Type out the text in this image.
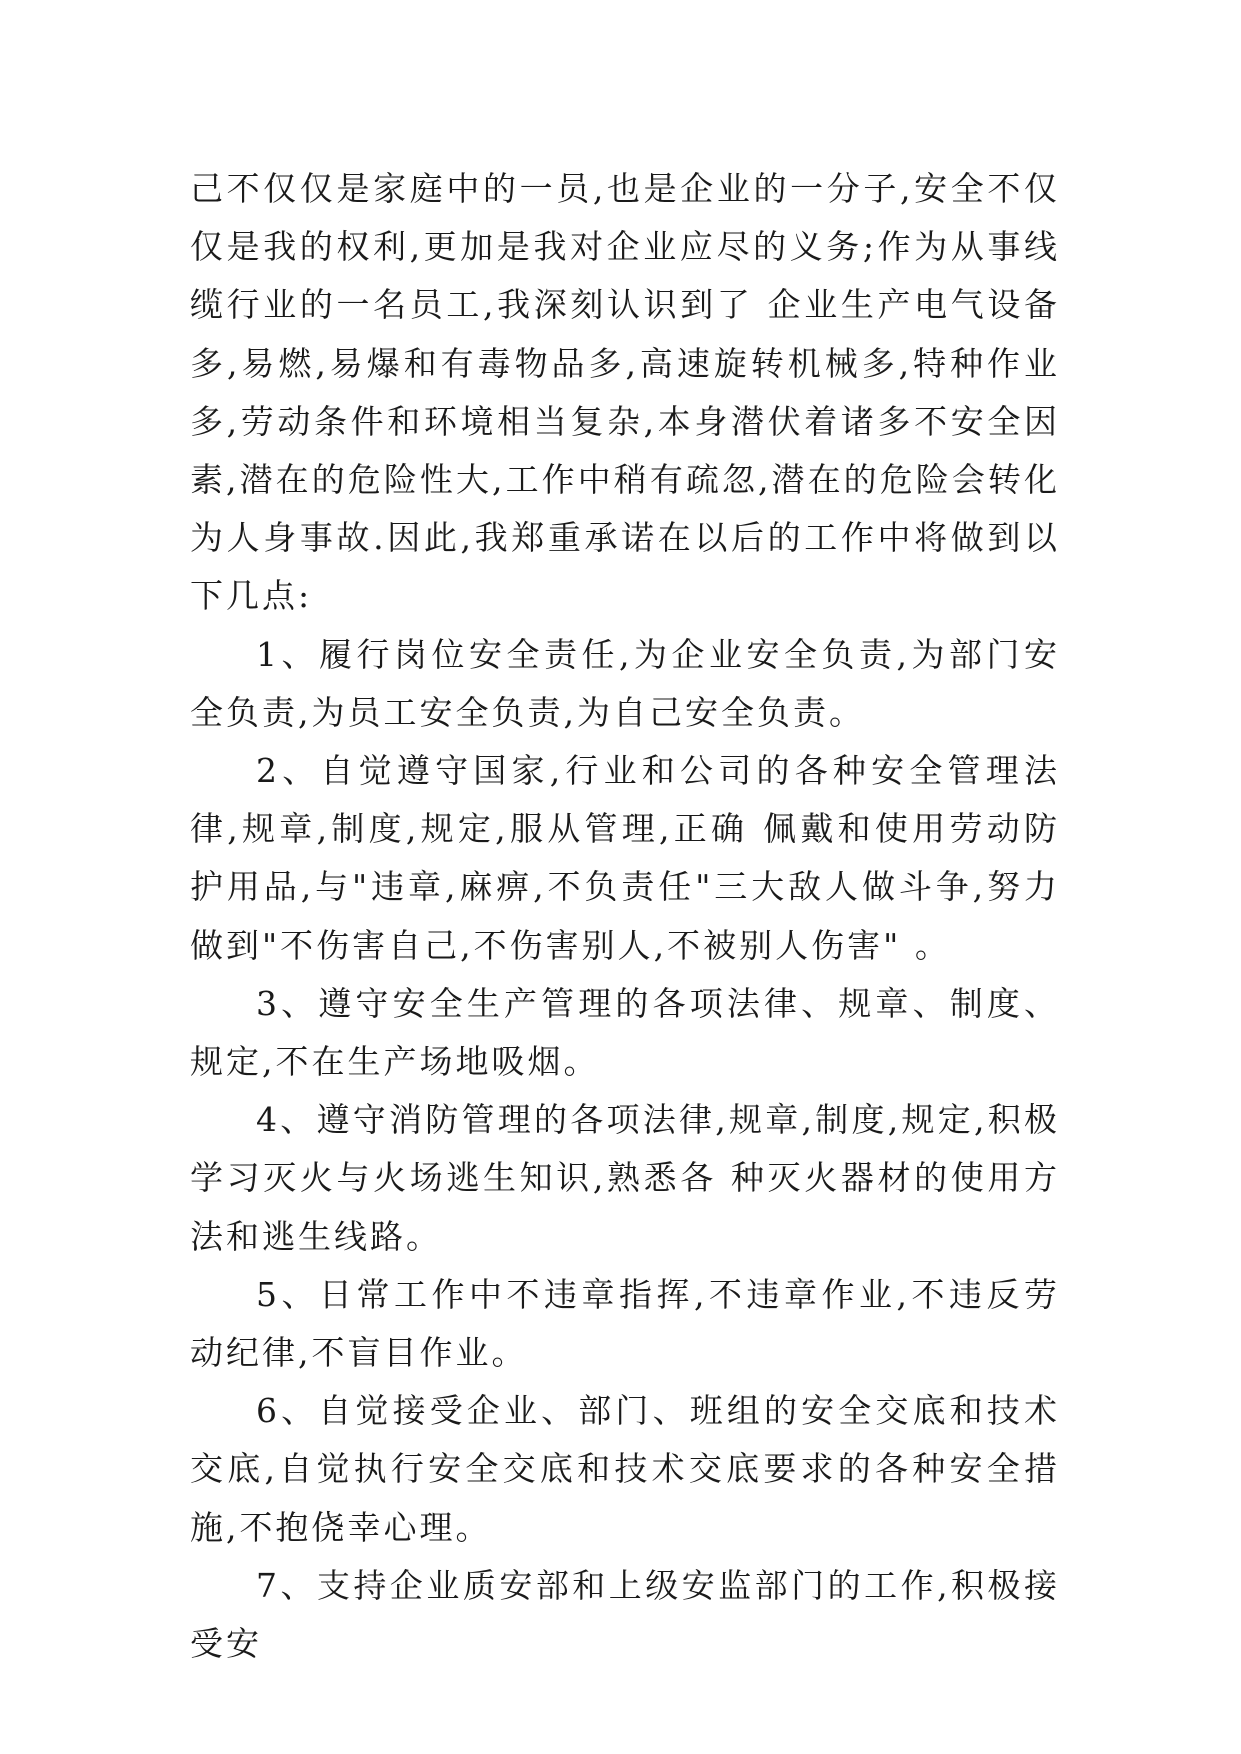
己不仅仅是家庭中的一员,也是企业的一分子,安全不仅仅是我的权利,更加是我对企业应尽的义务;作为从事线缆行业的一名员工,我深刻认识到了 企业生产电气设备多,易燃,易爆和有毒物品多,高速旋转机械多,特种作业多,劳动条件和环境相当复杂,本身潜伏着诸多不安全因素,潜在的危险性大,工作中稍有疏忽,潜在的危险会转化为人身事故.因此,我郑重承诺在以后的工作中将做到以下几点:

1、履行岗位安全责任,为企业安全负责,为部门安全负责,为员工安全负责,为自己安全负责。

2、自觉遵守国家,行业和公司的各种安全管理法律,规章,制度,规定,服从管理,正确 佩戴和使用劳动防护用品,与"违章,麻痹,不负责任"三大敌人做斗争,努力做到"不伤害自己,不伤害别人,不被别人伤害" 。

3、遵守安全生产管理的各项法律、规章、制度、规定,不在生产场地吸烟。

4、遵守消防管理的各项法律,规章,制度,规定,积极学习灭火与火场逃生知识,熟悉各 种灭火器材的使用方法和逃生线路。

5、日常工作中不违章指挥,不违章作业,不违反劳动纪律,不盲目作业。

6、自觉接受企业、部门、班组的安全交底和技术交底,自觉执行安全交底和技术交底要求的各种安全措施,不抱侥幸心理。

7、支持企业质安部和上级安监部门的工作,积极接受安
